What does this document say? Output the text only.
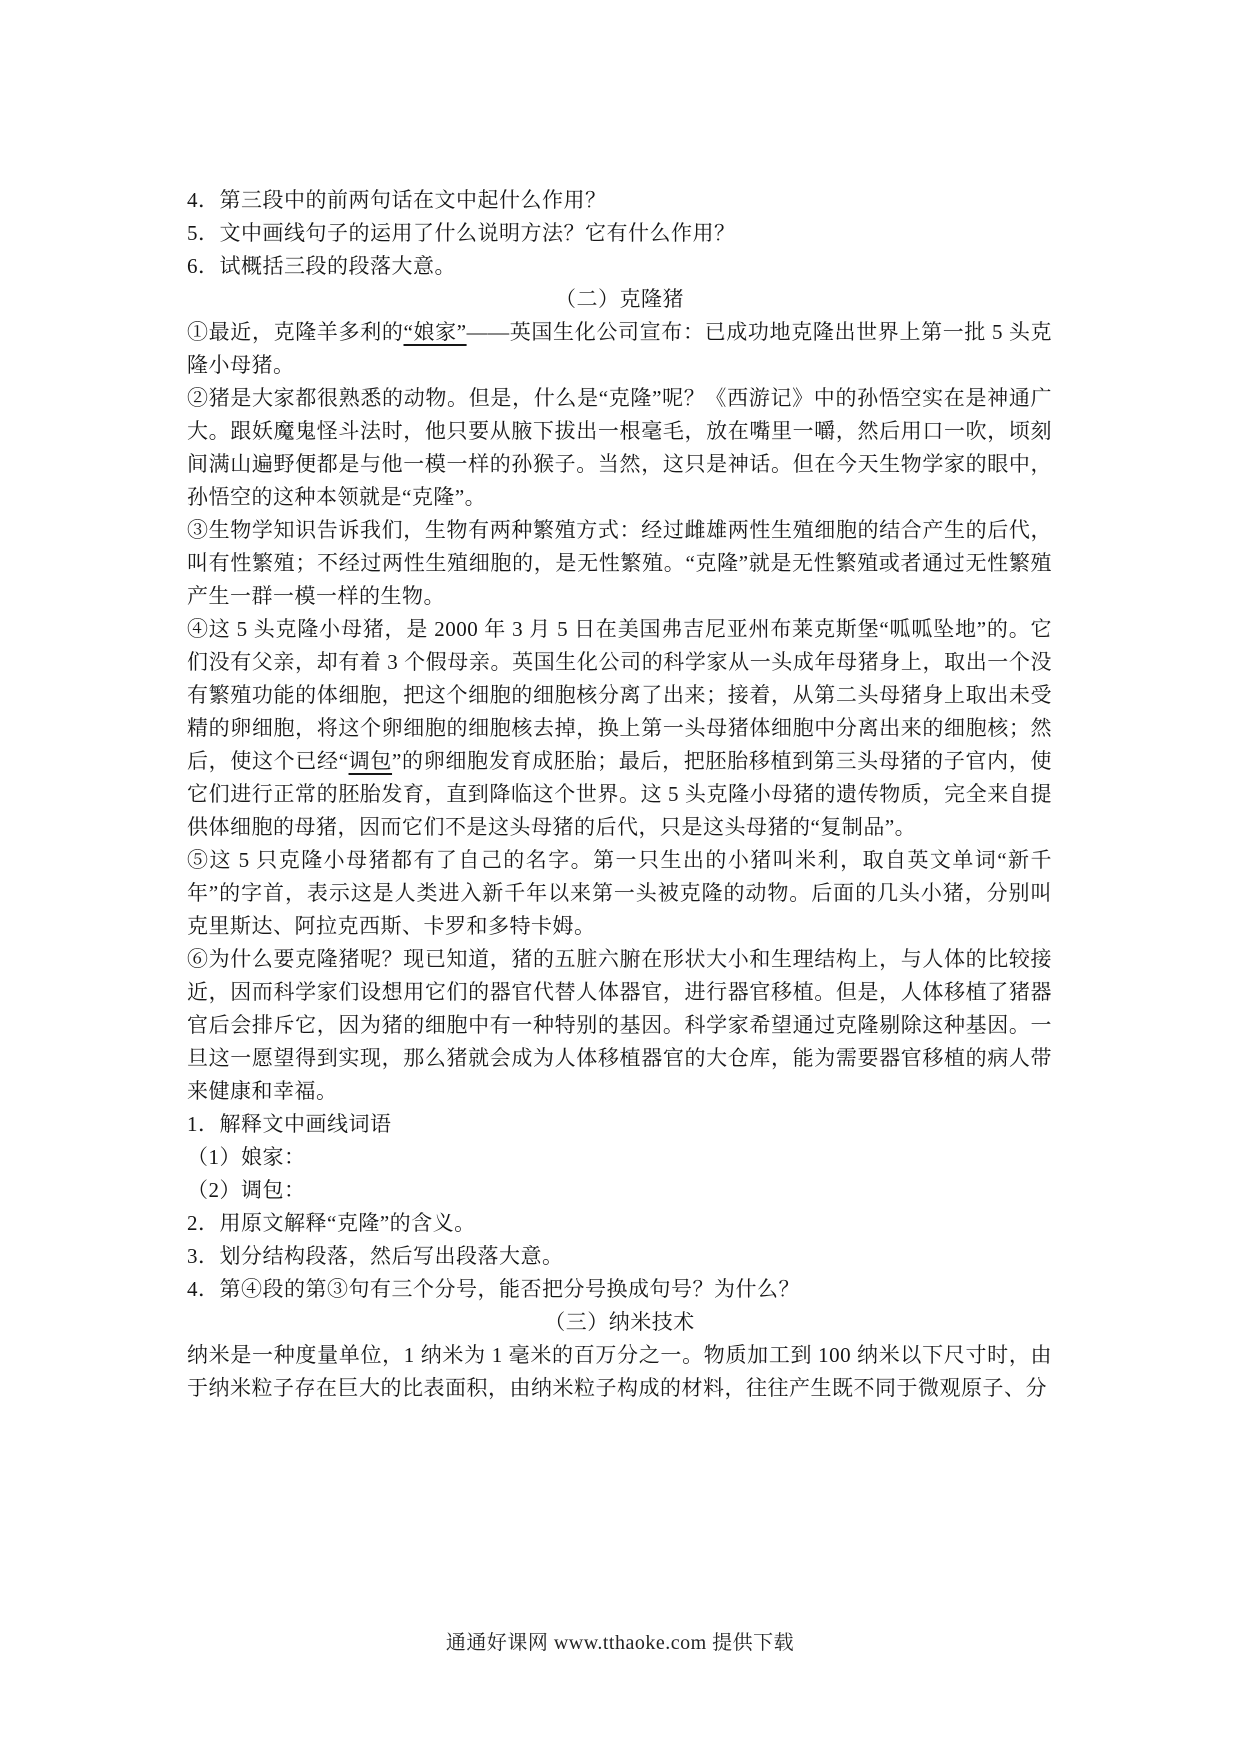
4．第三段中的前两句话在文中起什么作用？

5．文中画线句子的运用了什么说明方法？它有什么作用？

6．试概括三段的段落大意。

（二）克隆猪

①最近，克隆羊多利的“娘家”——英国生化公司宣布：已成功地克隆出世界上第一批 5 头克隆小母猪。

②猪是大家都很熟悉的动物。但是，什么是“克隆”呢？《西游记》中的孙悟空实在是神通广大。跟妖魔鬼怪斗法时，他只要从腋下拔出一根毫毛，放在嘴里一嚼，然后用口一吹，顷刻间满山遍野便都是与他一模一样的孙猴子。当然，这只是神话。但在今天生物学家的眼中，孙悟空的这种本领就是“克隆”。

③生物学知识告诉我们，生物有两种繁殖方式：经过雌雄两性生殖细胞的结合产生的后代，叫有性繁殖；不经过两性生殖细胞的，是无性繁殖。“克隆”就是无性繁殖或者通过无性繁殖产生一群一模一样的生物。

④这 5 头克隆小母猪，是 2000 年 3 月 5 日在美国弗吉尼亚州布莱克斯堡“呱呱坠地”的。它们没有父亲，却有着 3 个假母亲。英国生化公司的科学家从一头成年母猪身上，取出一个没有繁殖功能的体细胞，把这个细胞的细胞核分离了出来；接着，从第二头母猪身上取出未受精的卵细胞，将这个卵细胞的细胞核去掉，换上第一头母猪体细胞中分离出来的细胞核；然后，使这个已经“调包”的卵细胞发育成胚胎；最后，把胚胎移植到第三头母猪的子官内，使它们进行正常的胚胎发育，直到降临这个世界。这 5 头克隆小母猪的遗传物质，完全来自提供体细胞的母猪，因而它们不是这头母猪的后代，只是这头母猪的“复制品”。

⑤这 5 只克隆小母猪都有了自己的名字。第一只生出的小猪叫米利，取自英文单词“新千年”的字首，表示这是人类进入新千年以来第一头被克隆的动物。后面的几头小猪，分别叫克里斯达、阿拉克西斯、卡罗和多特卡姆。

⑥为什么要克隆猪呢？现已知道，猪的五脏六腑在形状大小和生理结构上，与人体的比较接近，因而科学家们设想用它们的器官代替人体器官，进行器官移植。但是，人体移植了猪器官后会排斥它，因为猪的细胞中有一种特别的基因。科学家希望通过克隆剔除这种基因。一旦这一愿望得到实现，那么猪就会成为人体移植器官的大仓库，能为需要器官移植的病人带来健康和幸福。

1．解释文中画线词语

（1）娘家：

（2）调包：

2．用原文解释“克隆”的含义。

3．划分结构段落，然后写出段落大意。

4．第④段的第③句有三个分号，能否把分号换成句号？为什么？

（三）纳米技术

纳米是一种度量单位，1 纳米为 1 毫米的百万分之一。物质加工到 100 纳米以下尺寸时，由于纳米粒子存在巨大的比表面积，由纳米粒子构成的材料，往往产生既不同于微观原子、分

通通好课网 www.tthaoke.com 提供下载
